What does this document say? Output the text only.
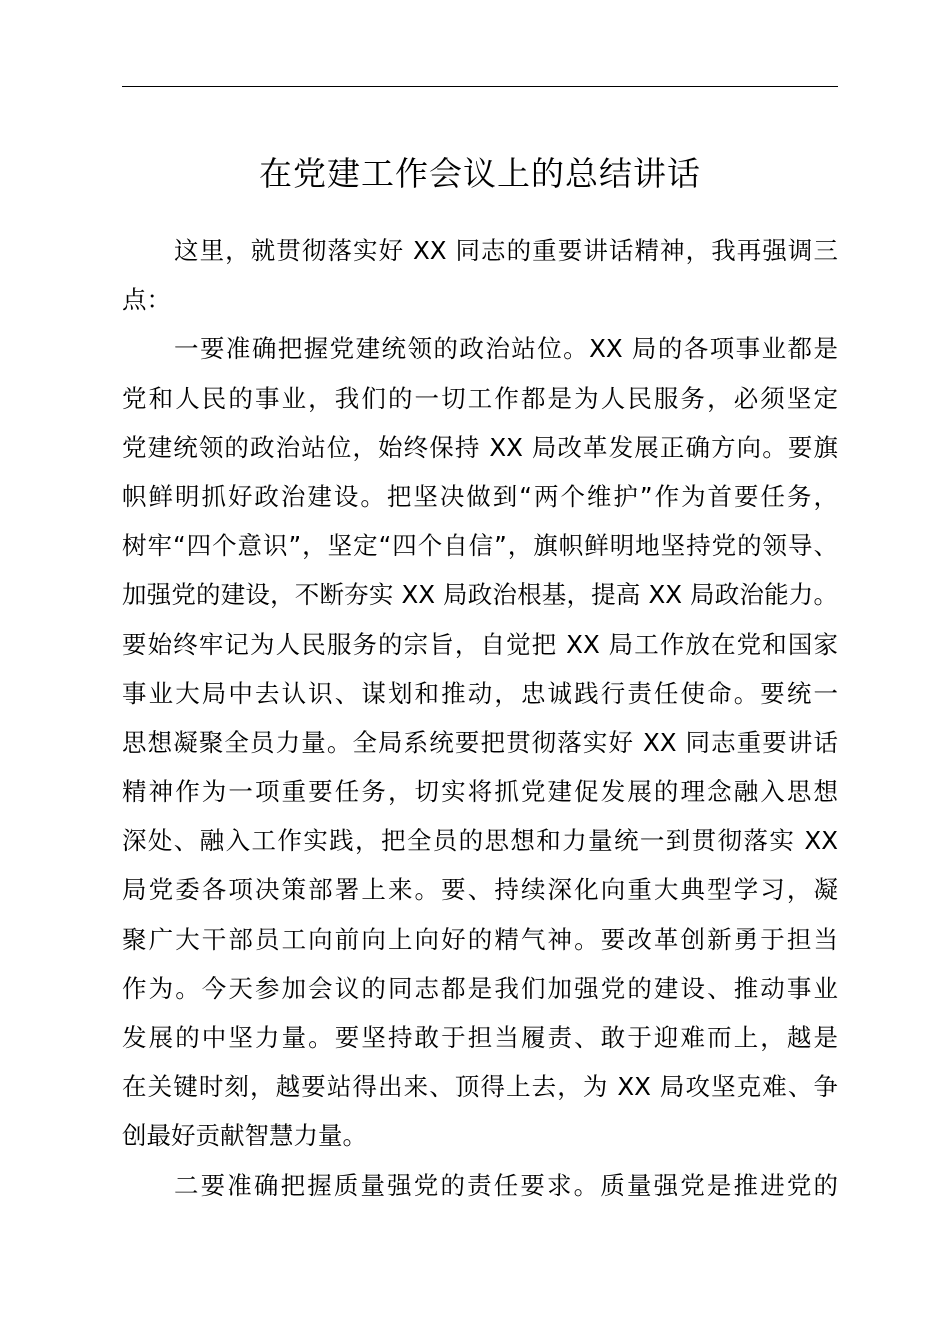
在党建工作会议上的总结讲话
这里，就贯彻落实好 XX 同志的重要讲话精神，我再强调三
点：
一要准确把握党建统领的政治站位。XX 局的各项事业都是
党和人民的事业，我们的一切工作都是为人民服务，必须坚定
党建统领的政治站位，始终保持 XX 局改革发展正确方向。要旗
帜鲜明抓好政治建设。把坚决做到“两个维护”作为首要任务，
树牢“四个意识”，坚定“四个自信”，旗帜鲜明地坚持党的领导、
加强党的建设，不断夯实 XX 局政治根基，提高 XX 局政治能力。
要始终牢记为人民服务的宗旨，自觉把 XX 局工作放在党和国家
事业大局中去认识、谋划和推动，忠诚践行责任使命。要统一
思想凝聚全员力量。全局系统要把贯彻落实好 XX 同志重要讲话
精神作为一项重要任务，切实将抓党建促发展的理念融入思想
深处、融入工作实践，把全员的思想和力量统一到贯彻落实 XX
局党委各项决策部署上来。要、持续深化向重大典型学习，凝
聚广大干部员工向前向上向好的精气神。要改革创新勇于担当
作为。今天参加会议的同志都是我们加强党的建设、推动事业
发展的中坚力量。要坚持敢于担当履责、敢于迎难而上，越是
在关键时刻，越要站得出来、顶得上去，为 XX 局攻坚克难、争
创最好贡献智慧力量。
二要准确把握质量强党的责任要求。质量强党是推进党的
